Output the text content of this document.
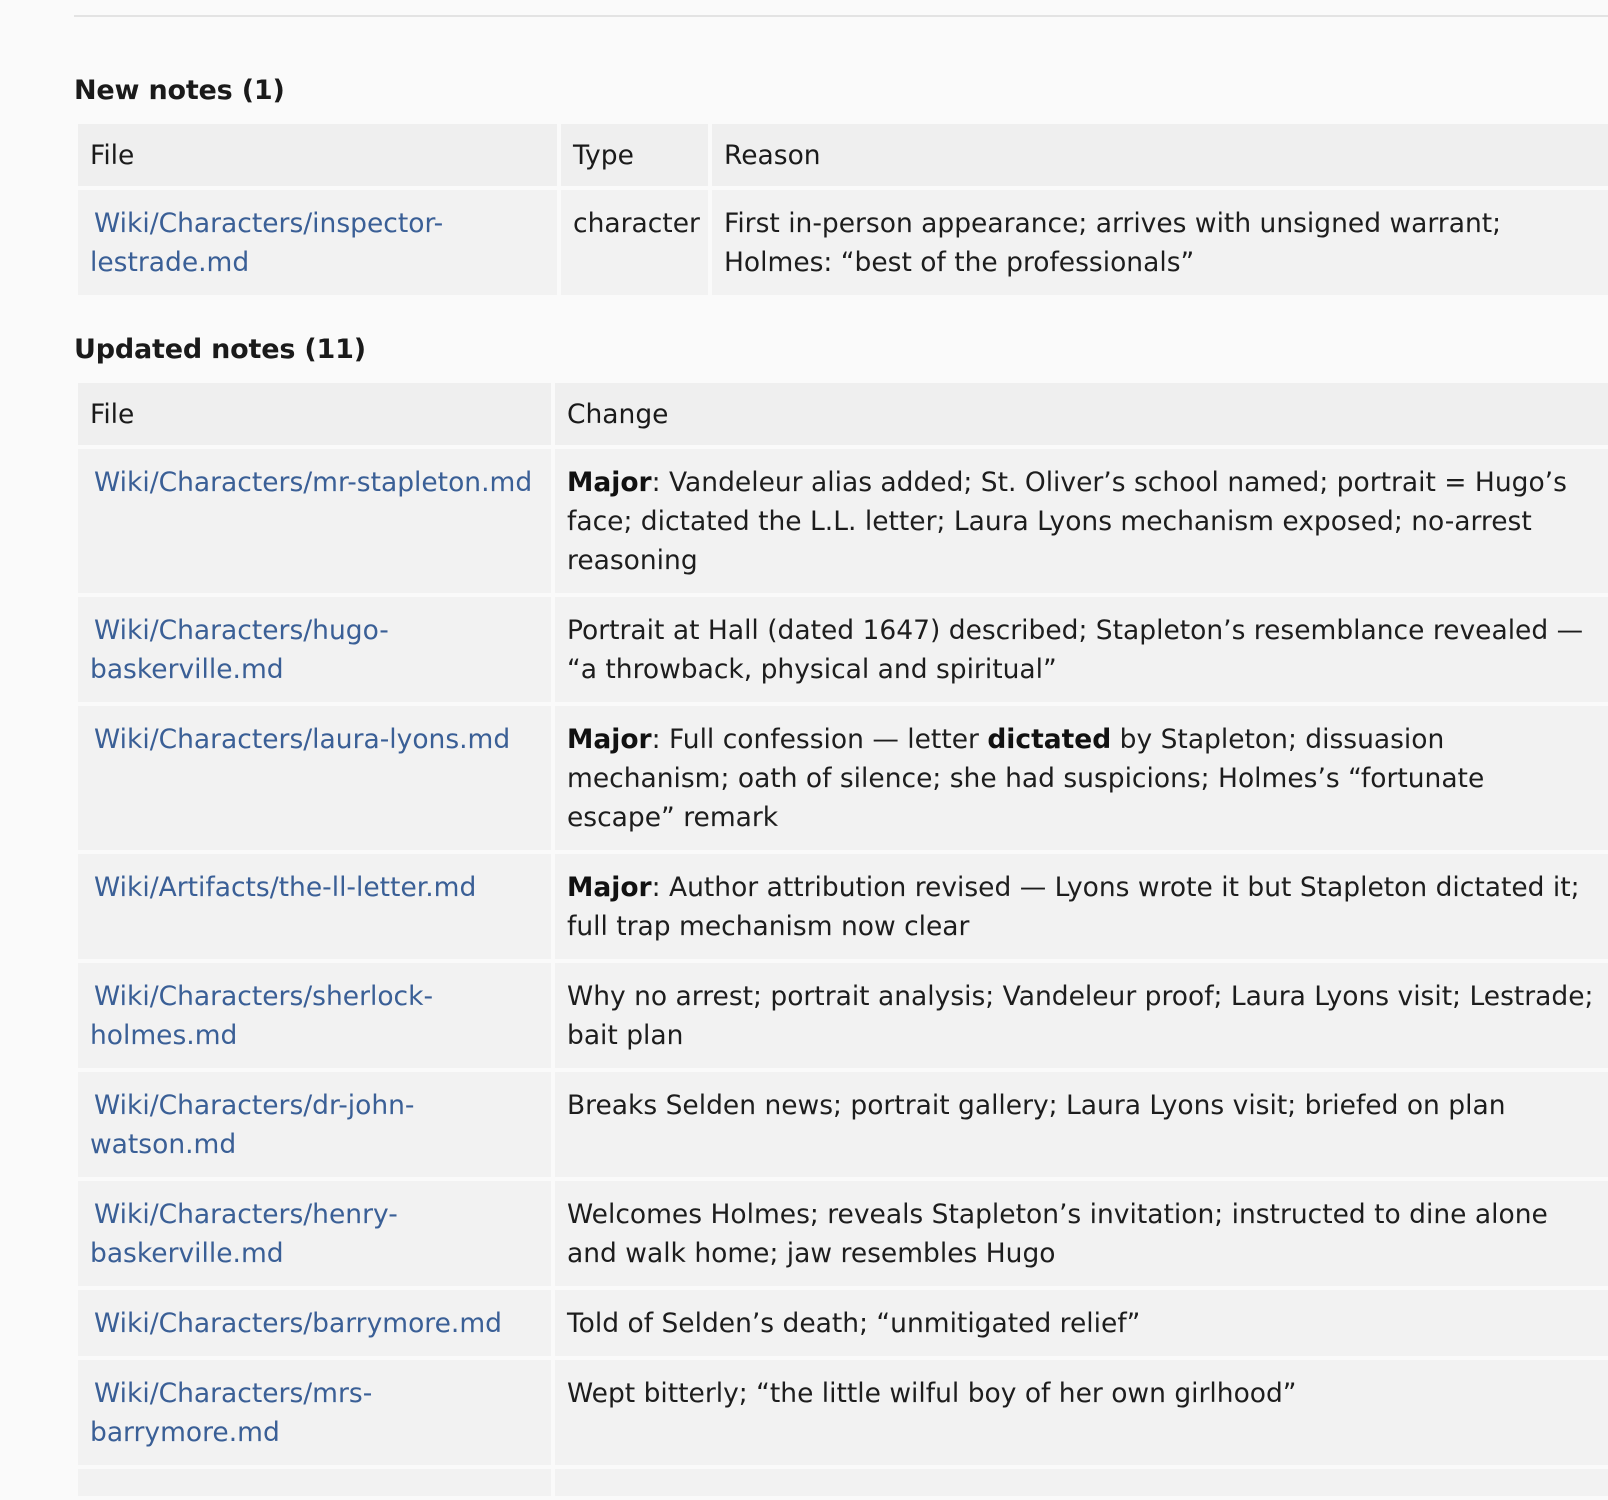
New notes (1)
File	Type	Reason
Wiki/Characters/inspector-lestrade.md	character	First in-person appearance; arrives with unsigned warrant; Holmes: “best of the professionals”
Updated notes (11)
File	Change
Wiki/Characters/mr-stapleton.md	Major: Vandeleur alias added; St. Oliver’s school named; portrait = Hugo’s face; dictated the L.L. letter; Laura Lyons mechanism exposed; no-arrest reasoning
Wiki/Characters/hugo-baskerville.md	Portrait at Hall (dated 1647) described; Stapleton’s resemblance revealed — “a throwback, physical and spiritual”
Wiki/Characters/laura-lyons.md	Major: Full confession — letter dictated by Stapleton; dissuasion mechanism; oath of silence; she had suspicions; Holmes’s “fortunate escape” remark
Wiki/Artifacts/the-ll-letter.md	Major: Author attribution revised — Lyons wrote it but Stapleton dictated it; full trap mechanism now clear
Wiki/Characters/sherlock-holmes.md	Why no arrest; portrait analysis; Vandeleur proof; Laura Lyons visit; Lestrade; bait plan
Wiki/Characters/dr-john-watson.md	Breaks Selden news; portrait gallery; Laura Lyons visit; briefed on plan
Wiki/Characters/henry-baskerville.md	Welcomes Holmes; reveals Stapleton’s invitation; instructed to dine alone and walk home; jaw resembles Hugo
Wiki/Characters/barrymore.md	Told of Selden’s death; “unmitigated relief”
Wiki/Characters/mrs-barrymore.md	Wept bitterly; “the little wilful boy of her own girlhood”
